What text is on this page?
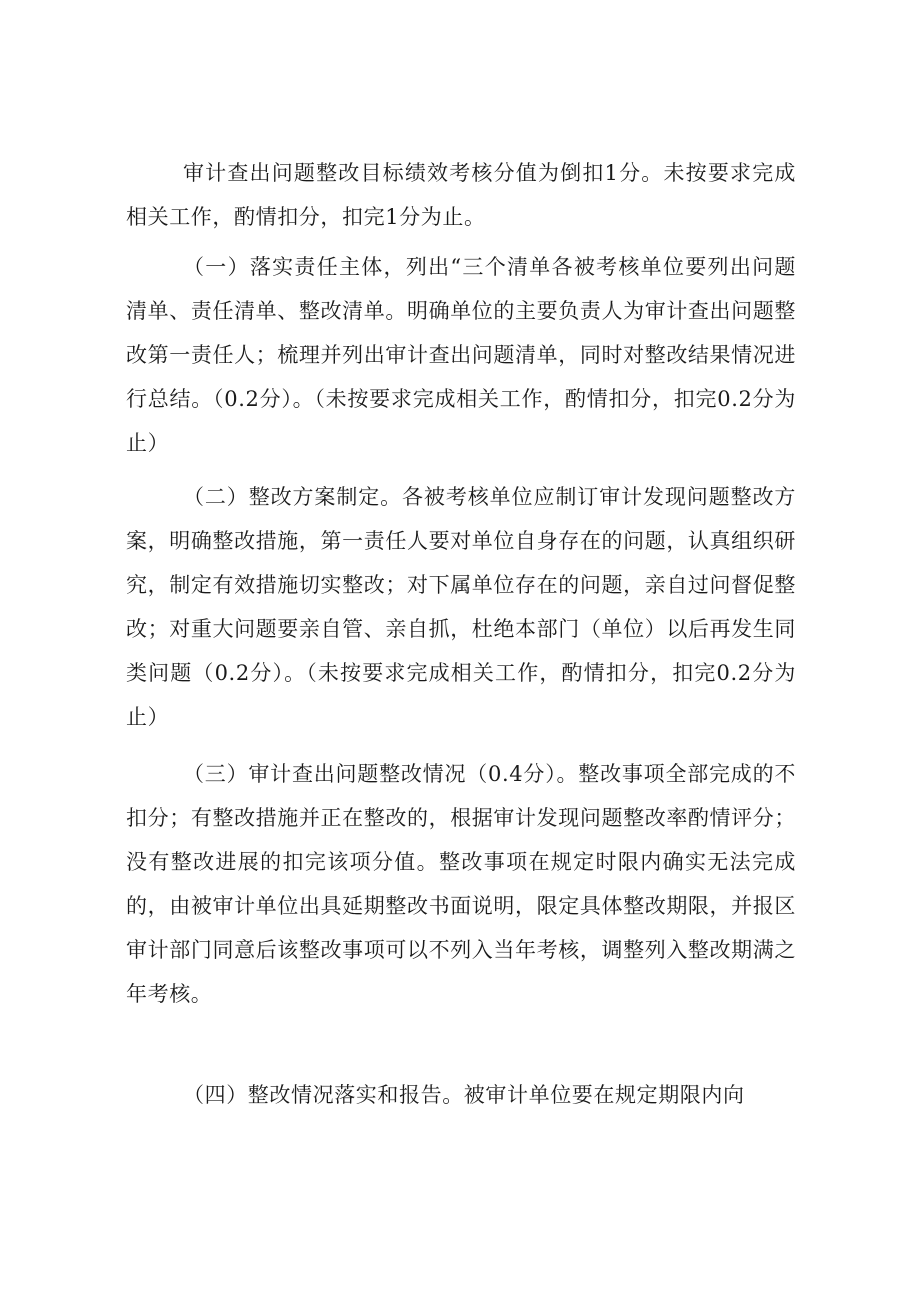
审计查出问题整改目标绩效考核分值为倒扣1分。未按要求完成相关工作，酌情扣分，扣完1分为止。

（一）落实责任主体，列出“三个清单各被考核单位要列出问题清单、责任清单、整改清单。明确单位的主要负责人为审计查出问题整改第一责任人；梳理并列出审计查出问题清单，同时对整改结果情况进行总结。（0.2分）。（未按要求完成相关工作，酌情扣分，扣完0.2分为止）

（二）整改方案制定。各被考核单位应制订审计发现问题整改方案，明确整改措施，第一责任人要对单位自身存在的问题，认真组织研究，制定有效措施切实整改；对下属单位存在的问题，亲自过问督促整改；对重大问题要亲自管、亲自抓，杜绝本部门（单位）以后再发生同类问题（0.2分）。（未按要求完成相关工作，酌情扣分，扣完0.2分为止）

（三）审计查出问题整改情况（0.4分）。整改事项全部完成的不扣分；有整改措施并正在整改的，根据审计发现问题整改率酌情评分；没有整改进展的扣完该项分值。整改事项在规定时限内确实无法完成的，由被审计单位出具延期整改书面说明，限定具体整改期限，并报区审计部门同意后该整改事项可以不列入当年考核，调整列入整改期满之年考核。

（四）整改情况落实和报告。被审计单位要在规定期限内向
